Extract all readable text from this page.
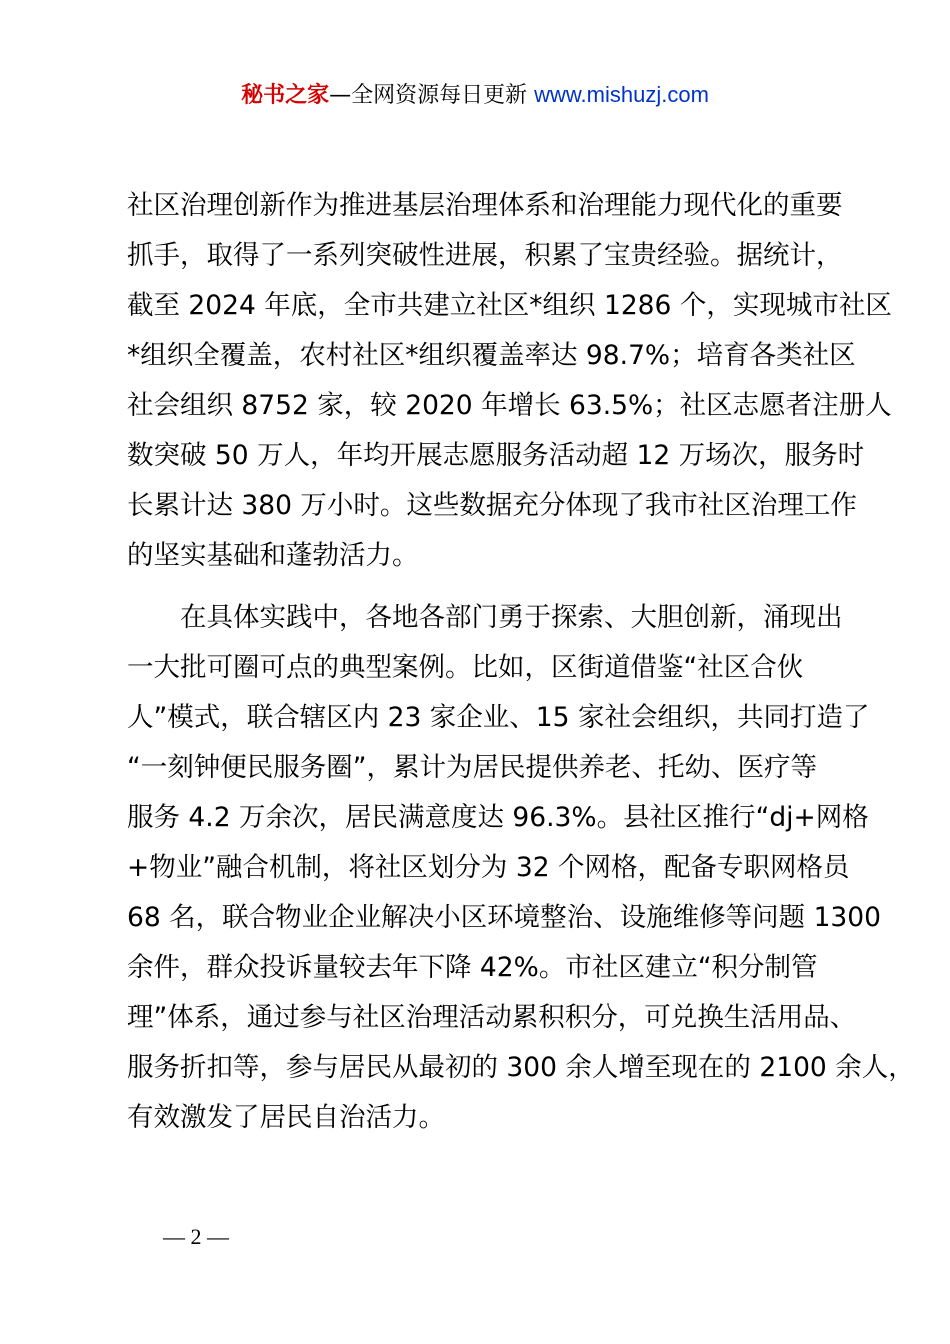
秘书之家—全网资源每日更新 www.mishuzj.com
社区治理创新作为推进基层治理体系和治理能力现代化的重要
抓手，取得了一系列突破性进展，积累了宝贵经验。据统计，
截至 2024 年底，全市共建立社区*组织 1286 个，实现城市社区
*组织全覆盖，农村社区*组织覆盖率达 98.7%；培育各类社区
社会组织 8752 家，较 2020 年增长 63.5%；社区志愿者注册人
数突破 50 万人，年均开展志愿服务活动超 12 万场次，服务时
长累计达 380 万小时。这些数据充分体现了我市社区治理工作
的坚实基础和蓬勃活力。
　　在具体实践中，各地各部门勇于探索、大胆创新，涌现出
一大批可圈可点的典型案例。比如，区街道借鉴“社区合伙
人”模式，联合辖区内 23 家企业、15 家社会组织，共同打造了
“一刻钟便民服务圈”，累计为居民提供养老、托幼、医疗等
服务 4.2 万余次，居民满意度达 96.3%。县社区推行“dj+网格
+物业”融合机制，将社区划分为 32 个网格，配备专职网格员
68 名，联合物业企业解决小区环境整治、设施维修等问题 1300
余件，群众投诉量较去年下降 42%。市社区建立“积分制管
理”体系，通过参与社区治理活动累积积分，可兑换生活用品、
服务折扣等，参与居民从最初的 300 余人增至现在的 2100 余人，
有效激发了居民自治活力。
— 2 —
